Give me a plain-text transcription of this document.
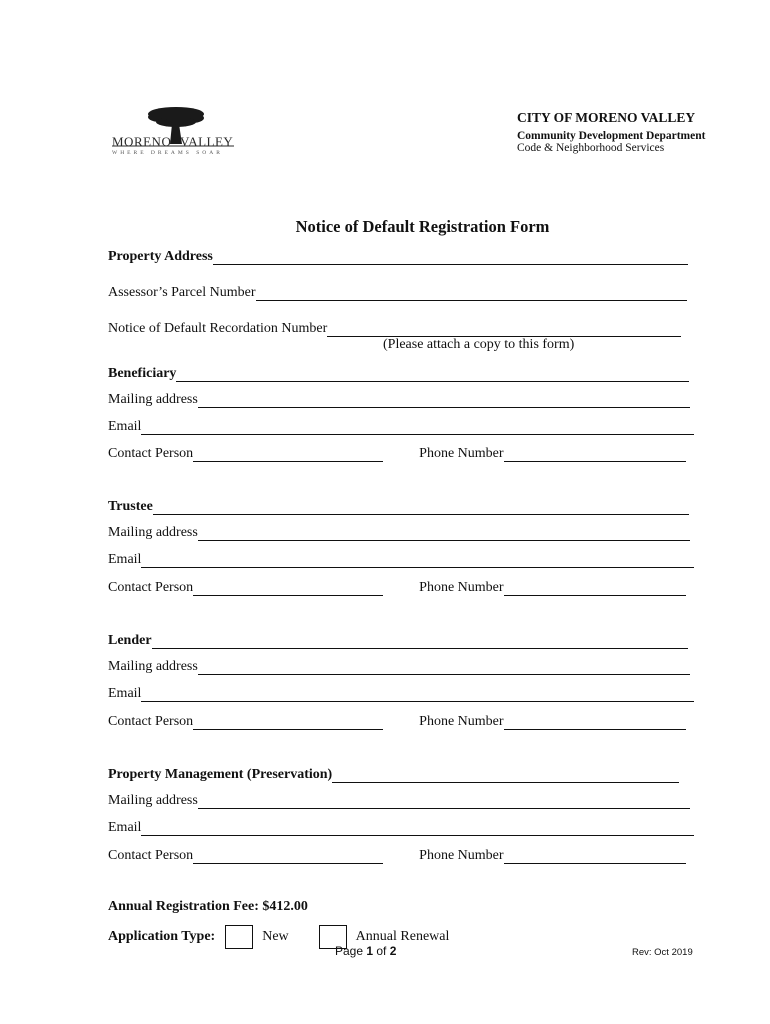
MORENO VALLEY
WHERE DREAMS SOAR
CITY OF MORENO VALLEY
Community Development Department
Code & Neighborhood Services
Notice of Default Registration Form
Property Address
Assessor’s Parcel Number
Notice of Default Recordation Number
(Please attach a copy to this form)
Beneficiary
Mailing address
Email
Contact Person	Phone Number
Trustee
Mailing address
Email
Contact Person	Phone Number
Lender
Mailing address
Email
Contact Person	Phone Number
Property Management (Preservation)
Mailing address
Email
Contact Person	Phone Number
Annual Registration Fee: $412.00
Application Type:	New	Annual Renewal
Page 1 of 2	Rev: Oct 2019
